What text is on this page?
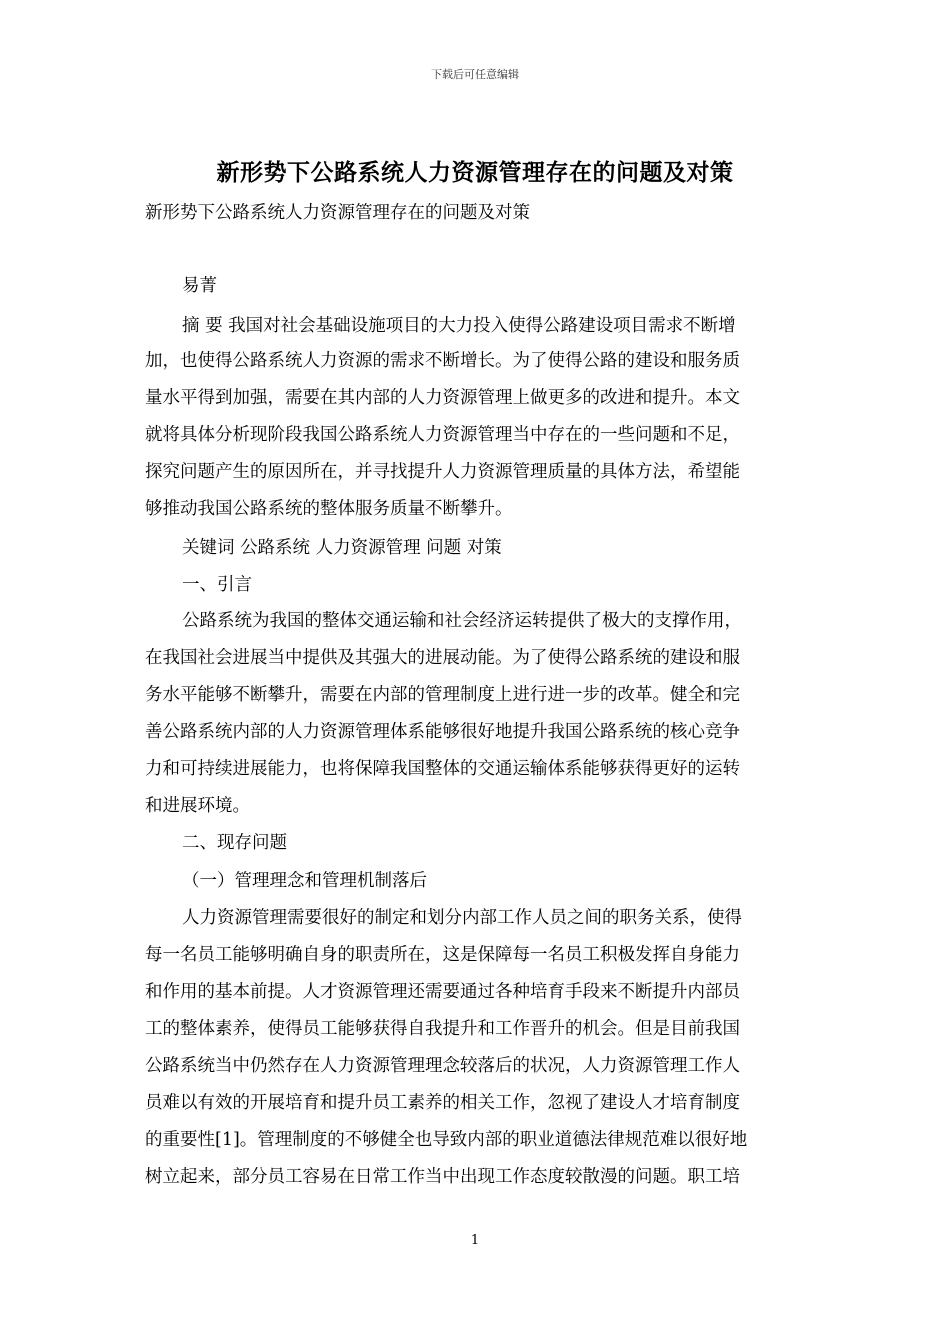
下载后可任意编辑
新形势下公路系统人力资源管理存在的问题及对策
新形势下公路系统人力资源管理存在的问题及对策
易菁
摘 要 我国对社会基础设施项目的大力投入使得公路建设项目需求不断增
加，也使得公路系统人力资源的需求不断增长。为了使得公路的建设和服务质
量水平得到加强，需要在其内部的人力资源管理上做更多的改进和提升。本文
就将具体分析现阶段我国公路系统人力资源管理当中存在的一些问题和不足，
探究问题产生的原因所在，并寻找提升人力资源管理质量的具体方法，希望能
够推动我国公路系统的整体服务质量不断攀升。
关键词 公路系统 人力资源管理 问题 对策
一、引言
公路系统为我国的整体交通运输和社会经济运转提供了极大的支撑作用，
在我国社会进展当中提供及其强大的进展动能。为了使得公路系统的建设和服
务水平能够不断攀升，需要在内部的管理制度上进行进一步的改革。健全和完
善公路系统内部的人力资源管理体系能够很好地提升我国公路系统的核心竞争
力和可持续进展能力，也将保障我国整体的交通运输体系能够获得更好的运转
和进展环境。
二、现存问题
（一）管理理念和管理机制落后
人力资源管理需要很好的制定和划分内部工作人员之间的职务关系，使得
每一名员工能够明确自身的职责所在，这是保障每一名员工积极发挥自身能力
和作用的基本前提。人才资源管理还需要通过各种培育手段来不断提升内部员
工的整体素养，使得员工能够获得自我提升和工作晋升的机会。但是目前我国
公路系统当中仍然存在人力资源管理理念较落后的状况，人力资源管理工作人
员难以有效的开展培育和提升员工素养的相关工作，忽视了建设人才培育制度
的重要性[1]。管理制度的不够健全也导致内部的职业道德法律规范难以很好地
树立起来，部分员工容易在日常工作当中出现工作态度较散漫的问题。职工培
1
